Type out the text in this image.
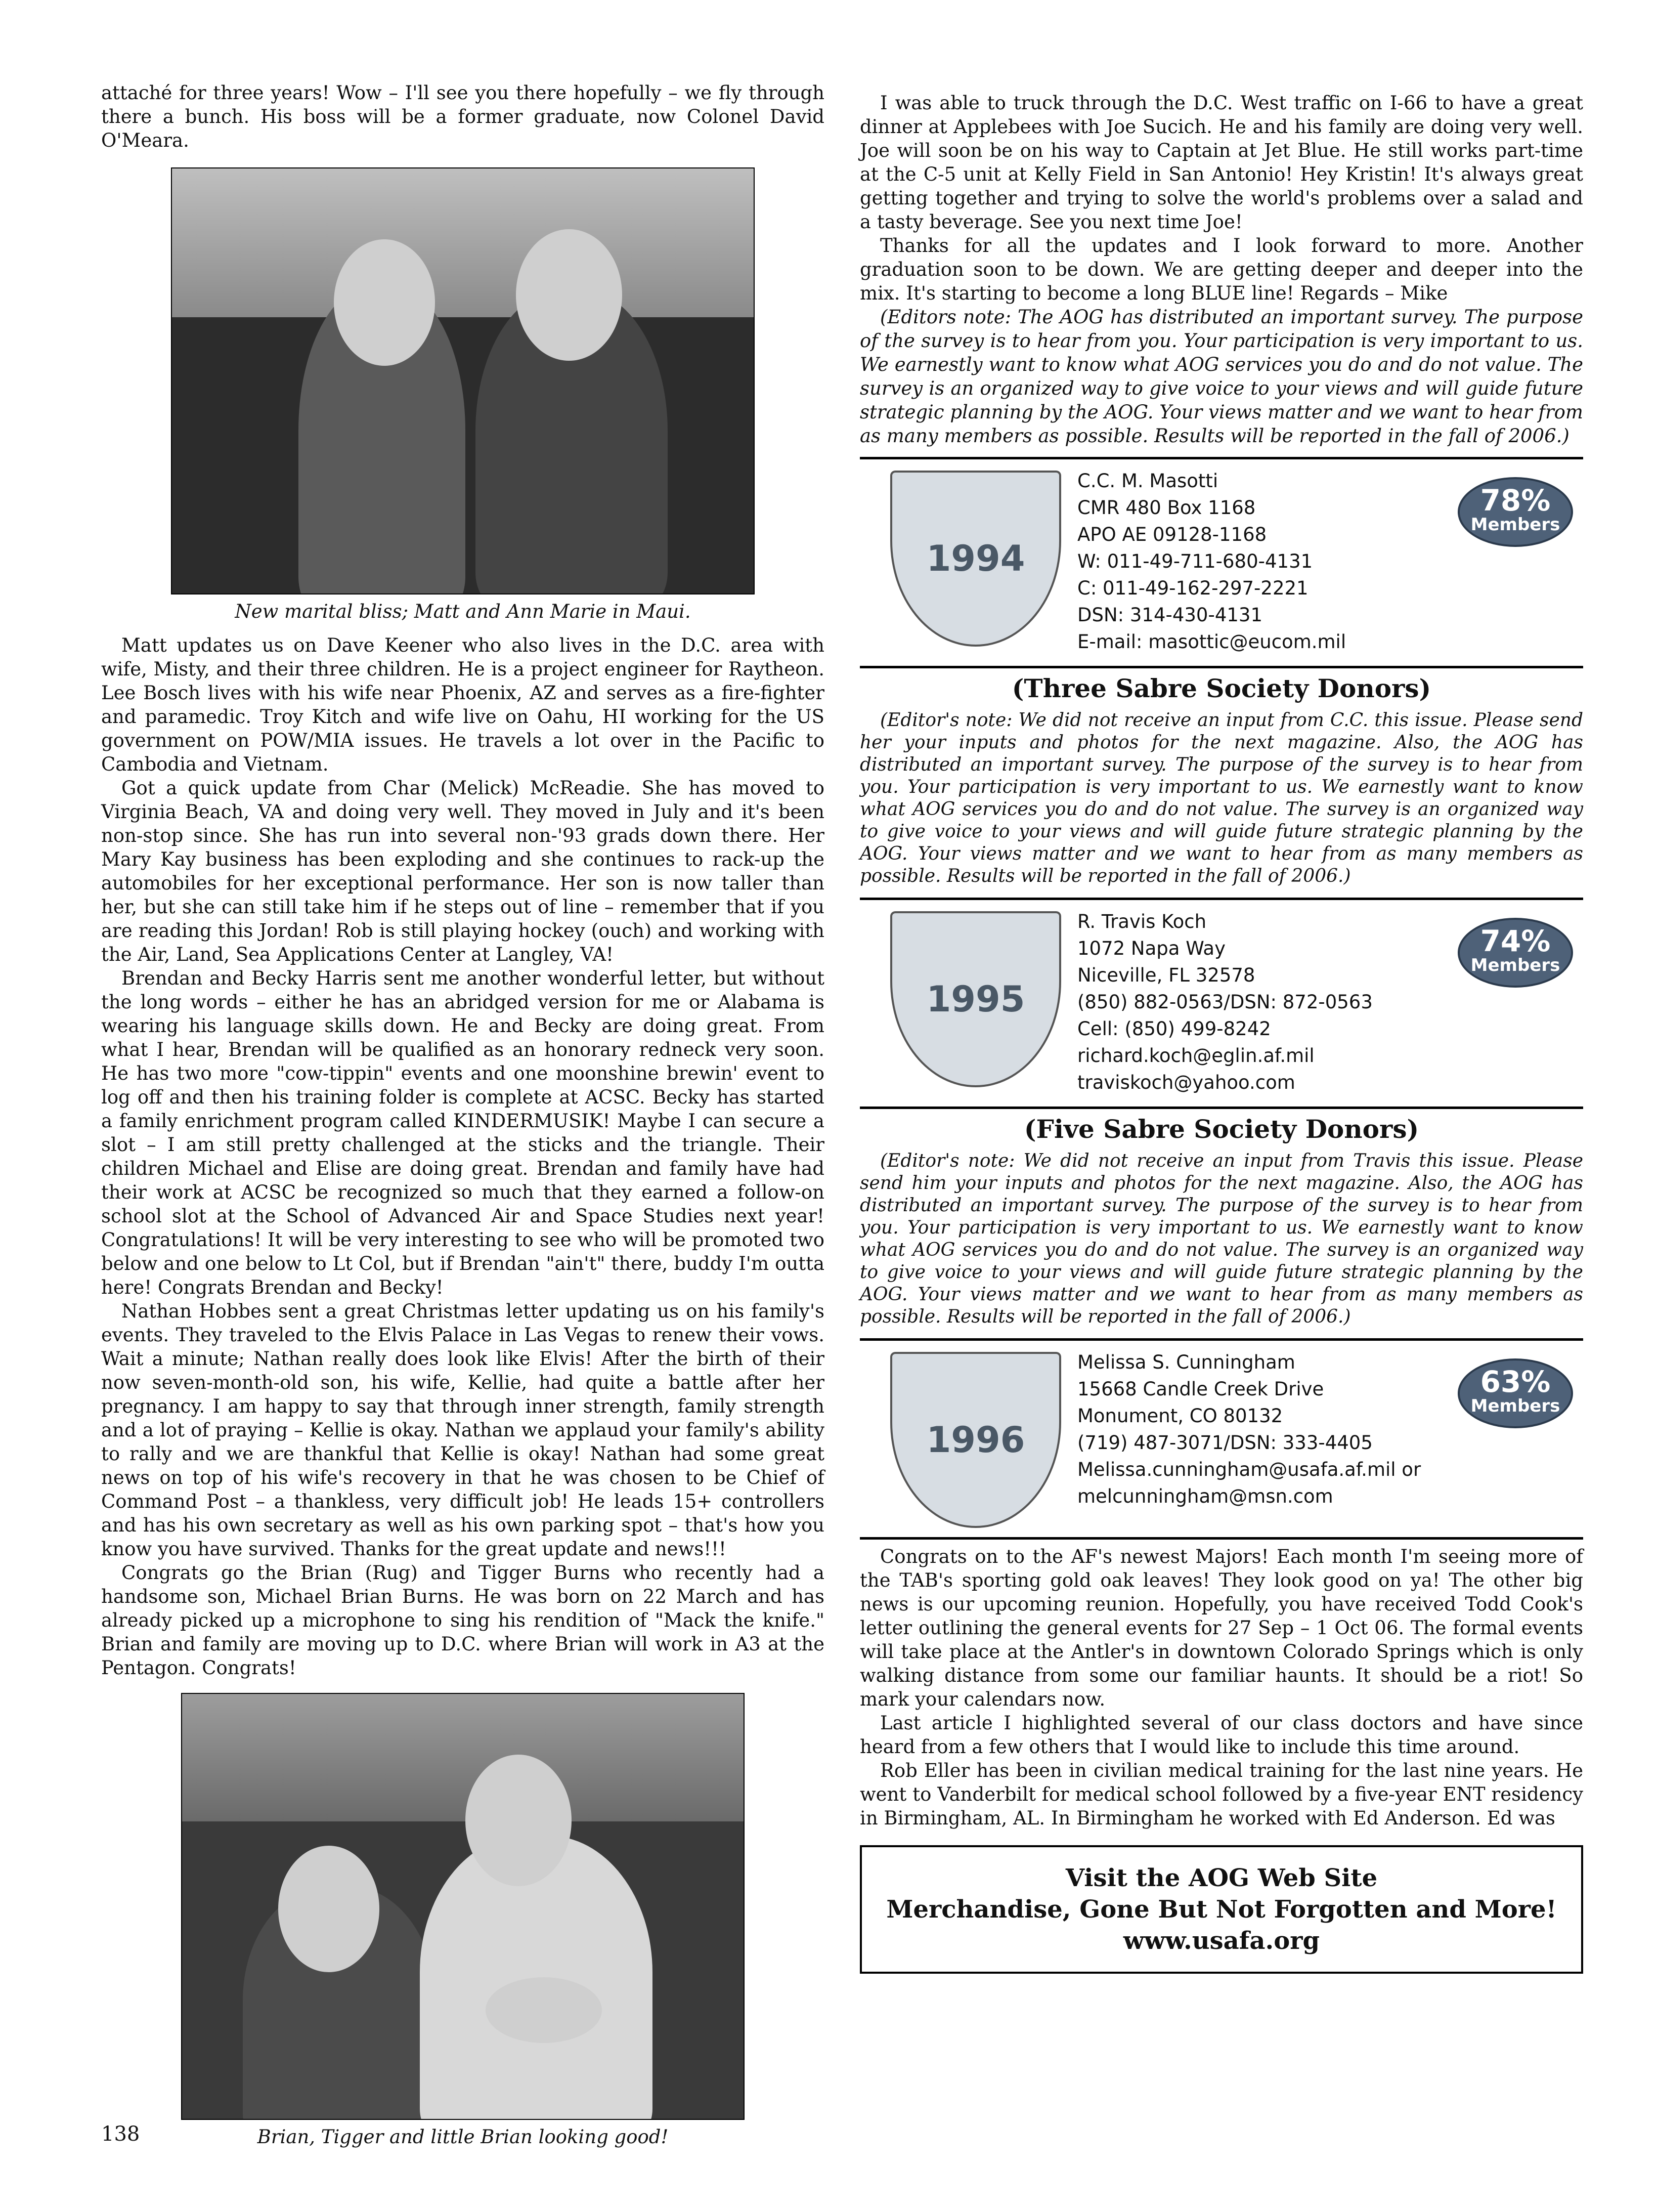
attaché for three years! Wow – I'll see you there hopefully – we fly through there a bunch. His boss will be a former graduate, now Colonel David O'Meara.

New marital bliss; Matt and Ann Marie in Maui.

Matt updates us on Dave Keener who also lives in the D.C. area with wife, Misty, and their three children. He is a project engineer for Raytheon. Lee Bosch lives with his wife near Phoenix, AZ and serves as a fire-fighter and paramedic. Troy Kitch and wife live on Oahu, HI working for the US government on POW/MIA issues. He travels a lot over in the Pacific to Cambodia and Vietnam.

Got a quick update from Char (Melick) McReadie. She has moved to Virginia Beach, VA and doing very well. They moved in July and it's been non-stop since. She has run into several non-'93 grads down there. Her Mary Kay business has been exploding and she continues to rack-up the automobiles for her exceptional performance. Her son is now taller than her, but she can still take him if he steps out of line – remember that if you are reading this Jordan! Rob is still playing hockey (ouch) and working with the Air, Land, Sea Applications Center at Langley, VA!

Brendan and Becky Harris sent me another wonderful letter, but without the long words – either he has an abridged version for me or Alabama is wearing his language skills down. He and Becky are doing great. From what I hear, Brendan will be qualified as an honorary redneck very soon. He has two more "cow-tippin" events and one moonshine brewin' event to log off and then his training folder is complete at ACSC. Becky has started a family enrichment program called KINDERMUSIK! Maybe I can secure a slot – I am still pretty challenged at the sticks and the triangle. Their children Michael and Elise are doing great. Brendan and family have had their work at ACSC be recognized so much that they earned a follow-on school slot at the School of Advanced Air and Space Studies next year! Congratulations! It will be very interesting to see who will be promoted two below and one below to Lt Col, but if Brendan "ain't" there, buddy I'm outta here! Congrats Brendan and Becky!

Nathan Hobbes sent a great Christmas letter updating us on his family's events. They traveled to the Elvis Palace in Las Vegas to renew their vows. Wait a minute; Nathan really does look like Elvis! After the birth of their now seven-month-old son, his wife, Kellie, had quite a battle after her pregnancy. I am happy to say that through inner strength, family strength and a lot of praying – Kellie is okay. Nathan we applaud your family's ability to rally and we are thankful that Kellie is okay! Nathan had some great news on top of his wife's recovery in that he was chosen to be Chief of Command Post – a thankless, very difficult job! He leads 15+ controllers and has his own secretary as well as his own parking spot – that's how you know you have survived. Thanks for the great update and news!!!

Congrats go the Brian (Rug) and Tigger Burns who recently had a handsome son, Michael Brian Burns. He was born on 22 March and has already picked up a microphone to sing his rendition of "Mack the knife." Brian and family are moving up to D.C. where Brian will work in A3 at the Pentagon. Congrats!

Brian, Tigger and little Brian looking good!

I was able to truck through the D.C. West traffic on I-66 to have a great dinner at Applebees with Joe Sucich. He and his family are doing very well. Joe will soon be on his way to Captain at Jet Blue. He still works part-time at the C-5 unit at Kelly Field in San Antonio! Hey Kristin! It's always great getting together and trying to solve the world's problems over a salad and a tasty beverage. See you next time Joe!

Thanks for all the updates and I look forward to more. Another graduation soon to be down. We are getting deeper and deeper into the mix. It's starting to become a long BLUE line! Regards – Mike

(Editors note: The AOG has distributed an important survey. The purpose of the survey is to hear from you. Your participation is very important to us. We earnestly want to know what AOG services you do and do not value. The survey is an organized way to give voice to your views and will guide future strategic planning by the AOG. Your views matter and we want to hear from as many members as possible. Results will be reported in the fall of 2006.)

1994
C.C. M. Masotti
CMR 480 Box 1168
APO AE 09128-1168
W: 011-49-711-680-4131
C: 011-49-162-297-2221
DSN: 314-430-4131
E-mail: masottic@eucom.mil
78%
Members
(Three Sabre Society Donors)

(Editor's note: We did not receive an input from C.C. this issue. Please send her your inputs and photos for the next magazine. Also, the AOG has distributed an important survey. The purpose of the survey is to hear from you. Your participation is very important to us. We earnestly want to know what AOG services you do and do not value. The survey is an organized way to give voice to your views and will guide future strategic planning by the AOG. Your views matter and we want to hear from as many members as possible. Results will be reported in the fall of 2006.)

1995
R. Travis Koch
1072 Napa Way
Niceville, FL 32578
(850) 882-0563/DSN: 872-0563
Cell: (850) 499-8242
richard.koch@eglin.af.mil
traviskoch@yahoo.com
74%
Members
(Five Sabre Society Donors)

(Editor's note: We did not receive an input from Travis this issue. Please send him your inputs and photos for the next magazine. Also, the AOG has distributed an important survey. The purpose of the survey is to hear from you. Your participation is very important to us. We earnestly want to know what AOG services you do and do not value. The survey is an organized way to give voice to your views and will guide future strategic planning by the AOG. Your views matter and we want to hear from as many members as possible. Results will be reported in the fall of 2006.)

1996
Melissa S. Cunningham
15668 Candle Creek Drive
Monument, CO 80132
(719) 487-3071/DSN: 333-4405
Melissa.cunningham@usafa.af.mil or
melcunningham@msn.com
63%
Members

Congrats on to the AF's newest Majors! Each month I'm seeing more of the TAB's sporting gold oak leaves! They look good on ya! The other big news is our upcoming reunion. Hopefully, you have received Todd Cook's letter outlining the general events for 27 Sep – 1 Oct 06. The formal events will take place at the Antler's in downtown Colorado Springs which is only walking distance from some our familiar haunts. It should be a riot! So mark your calendars now.

Last article I highlighted several of our class doctors and have since heard from a few others that I would like to include this time around.

Rob Eller has been in civilian medical training for the last nine years. He went to Vanderbilt for medical school followed by a five-year ENT residency in Birmingham, AL. In Birmingham he worked with Ed Anderson. Ed was

Visit the AOG Web Site
Merchandise, Gone But Not Forgotten and More!
www.usafa.org
138
